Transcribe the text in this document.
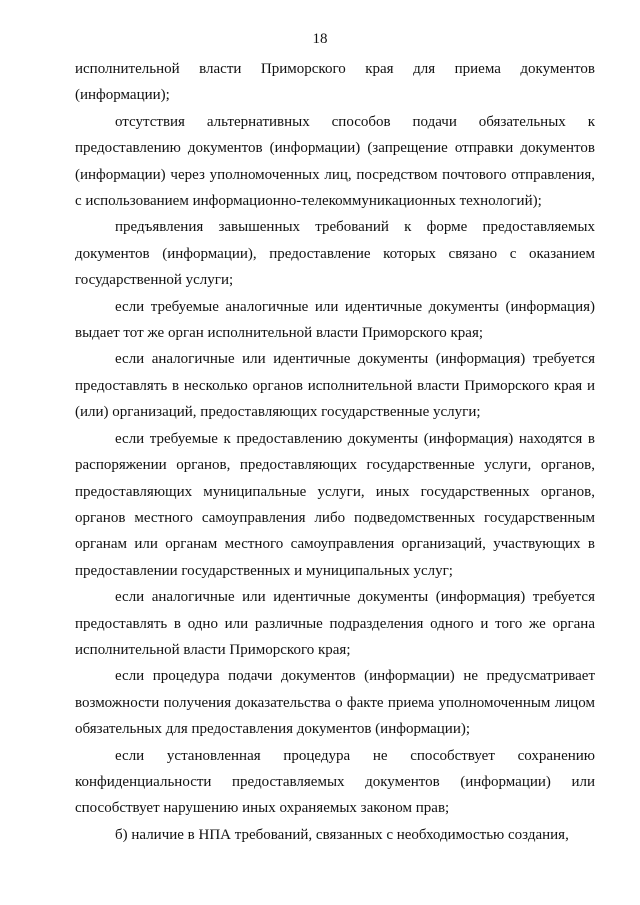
18

исполнительной власти Приморского края для приема документов (информации);

отсутствия альтернативных способов подачи обязательных к предоставлению документов (информации) (запрещение отправки документов (информации) через уполномоченных лиц, посредством почтового отправления, с использованием информационно-телекоммуникационных технологий);

предъявления завышенных требований к форме предоставляемых документов (информации), предоставление которых связано с оказанием государственной услуги;

если требуемые аналогичные или идентичные документы (информация) выдает тот же орган исполнительной власти Приморского края;

если аналогичные или идентичные документы (информация) требуется предоставлять в несколько органов исполнительной власти Приморского края и (или) организаций, предоставляющих государственные услуги;

если требуемые к предоставлению документы (информация) находятся в распоряжении органов, предоставляющих государственные услуги, органов, предоставляющих муниципальные услуги, иных государственных органов, органов местного самоуправления либо подведомственных государственным органам или органам местного самоуправления организаций, участвующих в предоставлении государственных и муниципальных услуг;

если аналогичные или идентичные документы (информация) требуется предоставлять в одно или различные подразделения одного и того же органа исполнительной власти Приморского края;

если процедура подачи документов (информации) не предусматривает возможности получения доказательства о факте приема уполномоченным лицом обязательных для предоставления документов (информации);

если установленная процедура не способствует сохранению конфиденциальности предоставляемых документов (информации) или способствует нарушению иных охраняемых законом прав;

б) наличие в НПА требований, связанных с необходимостью создания,
